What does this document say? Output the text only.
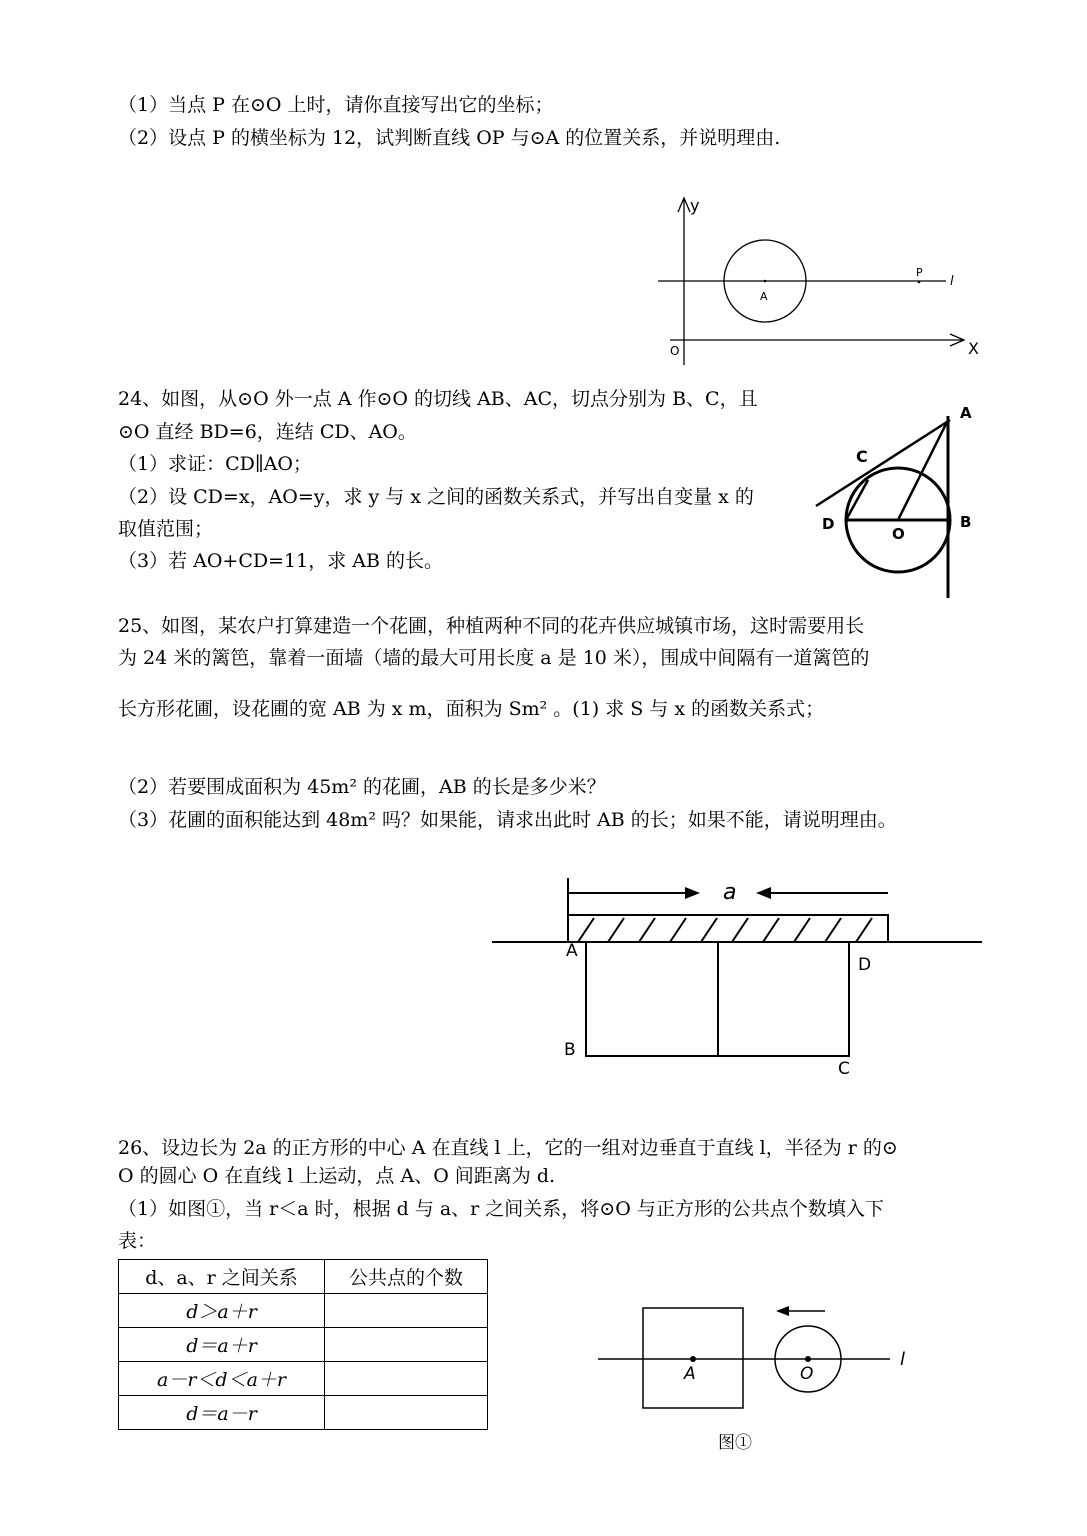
（1）当点 P 在⊙O 上时，请你直接写出它的坐标；
（2）设点 P 的横坐标为 12，试判断直线 OP 与⊙A 的位置关系，并说明理由.
y
X
O
A
P
l
24、如图，从⊙O 外一点 A 作⊙O 的切线 AB、AC，切点分别为 B、C，且
⊙O 直经 BD=6，连结 CD、AO。
（1）求证：CD∥AO；
（2）设 CD=x，AO=y，求 y 与 x 之间的函数关系式，并写出自变量 x 的
取值范围；
（3）若 AO+CD=11，求 AB 的长。
A
C
D
O
B
25、如图，某农户打算建造一个花圃，种植两种不同的花卉供应城镇市场，这时需要用长
为 24 米的篱笆，靠着一面墙（墙的最大可用长度 a 是 10 米），围成中间隔有一道篱笆的
长方形花圃，设花圃的宽 AB 为 x m，面积为 Sm² 。(1) 求 S 与 x 的函数关系式；
（2）若要围成面积为 45m² 的花圃，AB 的长是多少米？
（3）花圃的面积能达到 48m² 吗？如果能，请求出此时 AB 的长；如果不能，请说明理由。
a
A
B
C
D
26、设边长为 2a 的正方形的中心 A 在直线 l 上，它的一组对边垂直于直线 l，半径为 r 的⊙
O 的圆心 O 在直线 l 上运动，点 A、O 间距离为 d.
（1）如图①，当 r＜a 时，根据 d 与 a、r 之间关系，将⊙O 与正方形的公共点个数填入下
表：
d、a、r 之间关系	公共点的个数
d＞a＋r	
d＝a＋r	
a－r＜d＜a＋r	
d＝a－r	
A	O
l
图①
